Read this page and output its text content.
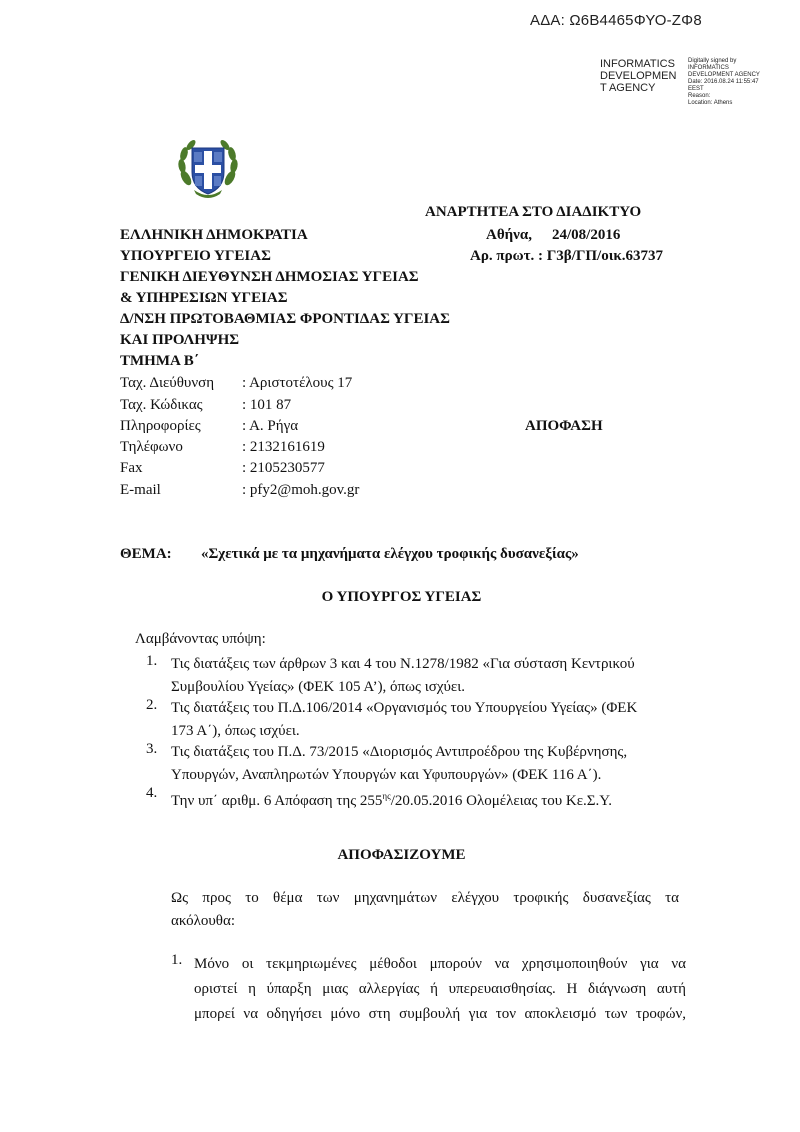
ΑΔΑ: Ω6Β4465ΦΥΟ-ΖΦ8
INFORMATICS
DEVELOPMEN
T AGENCY
Digitally signed by
INFORMATICS
DEVELOPMENT AGENCY
Date: 2016.08.24 11:55:47
EEST
Reason:
Location: Athens
ΑΝΑΡΤΗΤΕΑ ΣΤΟ ΔΙΑΔΙΚΤΥΟ
ΕΛΛΗΝΙΚΗ ΔΗΜΟΚΡΑΤΙΑ
ΥΠΟΥΡΓΕΙΟ ΥΓΕΙΑΣ
ΓΕΝΙΚΗ ΔΙΕΥΘΥΝΣΗ ΔΗΜΟΣΙΑΣ ΥΓΕΙΑΣ
& ΥΠΗΡΕΣΙΩΝ ΥΓΕΙΑΣ
Δ/ΝΣΗ ΠΡΩΤΟΒΑΘΜΙΑΣ ΦΡΟΝΤΙΔΑΣ ΥΓΕΙΑΣ
ΚΑΙ ΠΡΟΛΗΨΗΣ
ΤΜΗΜΑ Β΄
Αθήνα, 24/08/2016
Αρ. πρωτ. : Γ3β/ΓΠ/οικ.63737
Ταχ. Διεύθυνση : Αριστοτέλους 17
Ταχ. Κώδικας	: 101 87
Πληροφορίες	: Α. Ρήγα
Τηλέφωνο	: 2132161619
Fax	: 2105230577
E-mail	: pfy2@moh.gov.gr
ΑΠΟΦΑΣΗ
ΘΕΜΑ: «Σχετικά με τα μηχανήματα ελέγχου τροφικής δυσανεξίας»
Ο ΥΠΟΥΡΓΟΣ ΥΓΕΙΑΣ
Λαμβάνοντας υπόψη:
1. Τις διατάξεις των άρθρων 3 και 4 του Ν.1278/1982 «Για σύσταση Κεντρικού
Συμβουλίου Υγείας» (ΦΕΚ 105 Α’), όπως ισχύει.
2. Τις διατάξεις του Π.Δ.106/2014 «Οργανισμός του Υπουργείου Υγείας» (ΦΕΚ
173 Α΄), όπως ισχύει.
3. Τις διατάξεις του Π.Δ. 73/2015 «Διορισμός Αντιπροέδρου της Κυβέρνησης,
Υπουργών, Αναπληρωτών Υπουργών και Υφυπουργών» (ΦΕΚ 116 Α΄).
4. Την υπ΄ αριθμ. 6 Απόφαση της $255^{\eta\varsigma}/20.05.2016$ Ολομέλειας του Κε.Σ.Υ.
ΑΠΟΦΑΣΙΖΟΥΜΕ
Ως προς το θέμα των μηχανημάτων ελέγχου τροφικής δυσανεξίας τα
ακόλουθα:
1. Μόνο οι τεκμηριωμένες μέθοδοι μπορούν να χρησιμοποιηθούν για να
οριστεί η ύπαρξη μιας αλλεργίας ή υπερευαισθησίας. Η διάγνωση αυτή
μπορεί να οδηγήσει μόνο στη συμβουλή για τον αποκλεισμό των τροφών,
